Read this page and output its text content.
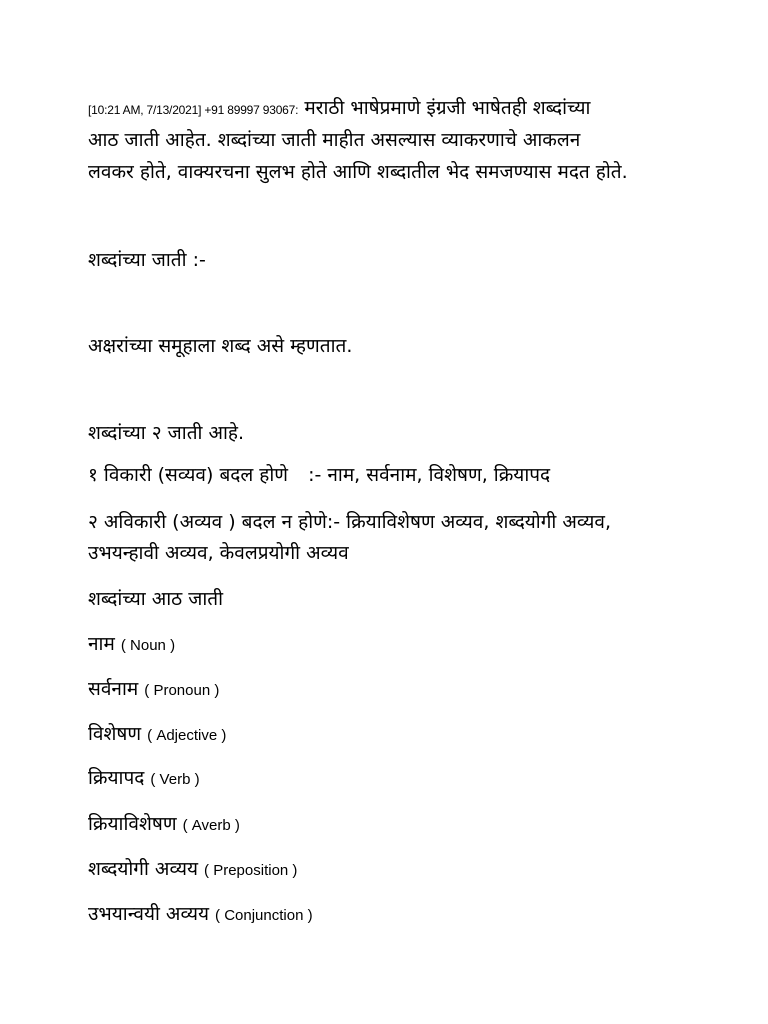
[10:21 AM, 7/13/2021] +91 89997 93067: मराठी भाषेप्रमाणे इंग्रजी भाषेतही शब्दांच्या
आठ जाती आहेत. शब्दांच्या जाती माहीत असल्यास व्याकरणाचे आकलन
लवकर होते, वाक्यरचना सुलभ होते आणि शब्दातील भेद समजण्यास मदत होते.
शब्दांच्या जाती :-
अक्षरांच्या समूहाला शब्द असे म्हणतात.
शब्दांच्या २ जाती आहे.
१ विकारी (सव्यव) बदल होणे :- नाम, सर्वनाम, विशेषण, क्रियापद
२ अविकारी (अव्यव ) बदल न होणे:- क्रियाविशेषण अव्यव, शब्दयोगी अव्यव,
उभयन्हावी अव्यव, केवलप्रयोगी अव्यव
शब्दांच्या आठ जाती
नाम ( Noun )
सर्वनाम ( Pronoun )
विशेषण ( Adjective )
क्रियापद ( Verb )
क्रियाविशेषण ( Averb )
शब्दयोगी अव्यय ( Preposition )
उभयान्वयी अव्यय ( Conjunction )
